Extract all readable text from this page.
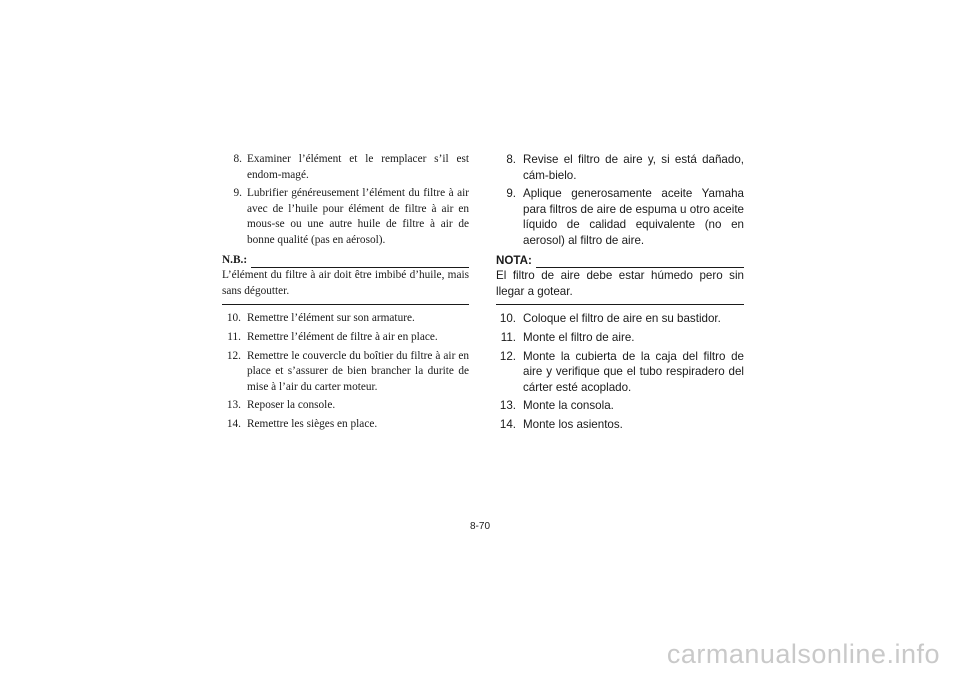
8. Examiner l’élément et le remplacer s’il est endom-magé.
9. Lubrifier généreusement l’élément du filtre à air avec de l’huile pour élément de filtre à air en mous-se ou une autre huile de filtre à air de bonne qualité (pas en aérosol).
N.B.:
L’élément du filtre à air doit être imbibé d’huile, mais sans dégoutter.
10. Remettre l’élément sur son armature.
11. Remettre l’élément de filtre à air en place.
12. Remettre le couvercle du boîtier du filtre à air en place et s’assurer de bien brancher la durite de mise à l’air du carter moteur.
13. Reposer la console.
14. Remettre les sièges en place.
8. Revise el filtro de aire y, si está dañado, cám-bielo.
9. Aplique generosamente aceite Yamaha para filtros de aire de espuma u otro aceite líquido de calidad equivalente (no en aerosol) al filtro de aire.
NOTA:
El filtro de aire debe estar húmedo pero sin llegar a gotear.
10. Coloque el filtro de aire en su bastidor.
11. Monte el filtro de aire.
12. Monte la cubierta de la caja del filtro de aire y verifique que el tubo respiradero del cárter esté acoplado.
13. Monte la consola.
14. Monte los asientos.
8-70
carmanualsonline.info
